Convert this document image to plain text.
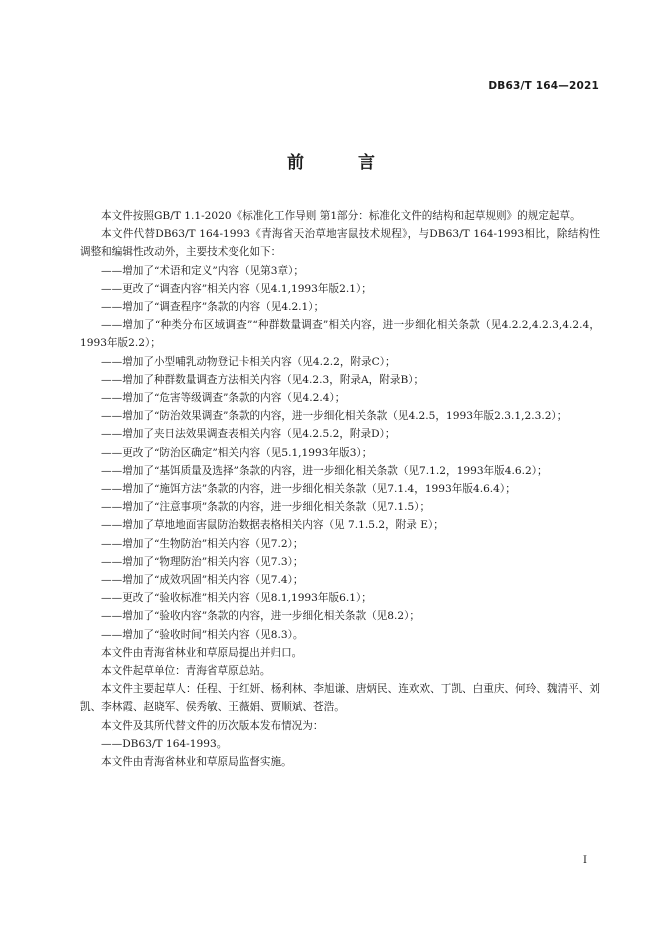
DB63/T 164—2021
前 言

本文件按照GB/T 1.1-2020《标准化工作导则 第1部分：标准化文件的结构和起草规则》的规定起草。

本文件代替DB63/T 164-1993《青海省天治草地害鼠技术规程》，与DB63/T 164-1993相比，除结构性调整和编辑性改动外，主要技术变化如下：

——增加了“术语和定义”内容（见第3章）；

——更改了“调查内容”相关内容（见4.1,1993年版2.1）；

——增加了“调查程序”条款的内容（见4.2.1）；

——增加了“种类分布区域调查”“种群数量调查”相关内容，进一步细化相关条款（见4.2.2,4.2.3,4.2.4，1993年版2.2）；

——增加了小型哺乳动物登记卡相关内容（见4.2.2，附录C）；

——增加了种群数量调查方法相关内容（见4.2.3，附录A，附录B）；

——增加了“危害等级调查”条款的内容（见4.2.4）；

——增加了“防治效果调查”条款的内容，进一步细化相关条款（见4.2.5，1993年版2.3.1,2.3.2）；

——增加了夹日法效果调查表相关内容（见4.2.5.2，附录D）；

——更改了“防治区确定”相关内容（见5.1,1993年版3）；

——增加了“基饵质量及选择”条款的内容，进一步细化相关条款（见7.1.2，1993年版4.6.2）；

——增加了“施饵方法”条款的内容，进一步细化相关条款（见7.1.4，1993年版4.6.4）；

——增加了“注意事项”条款的内容，进一步细化相关条款（见7.1.5）；

——增加了草地地面害鼠防治数据表格相关内容（见 7.1.5.2，附录 E）；

——增加了“生物防治”相关内容（见7.2）；

——增加了“物理防治”相关内容（见7.3）；

——增加了“成效巩固”相关内容（见7.4）；

——更改了“验收标准”相关内容（见8.1,1993年版6.1）；

——增加了“验收内容”条款的内容，进一步细化相关条款（见8.2）；

——增加了“验收时间”相关内容（见8.3）。

本文件由青海省林业和草原局提出并归口。

本文件起草单位：青海省草原总站。

本文件主要起草人：任程、于红妍、杨利林、李旭谦、唐炳民、连欢欢、丁凯、白重庆、何玲、魏清平、刘凯、李林霞、赵晓军、侯秀敏、王薇娟、贾顺斌、苍浩。

本文件及其所代替文件的历次版本发布情况为：

——DB63/T 164-1993。

本文件由青海省林业和草原局监督实施。

I
